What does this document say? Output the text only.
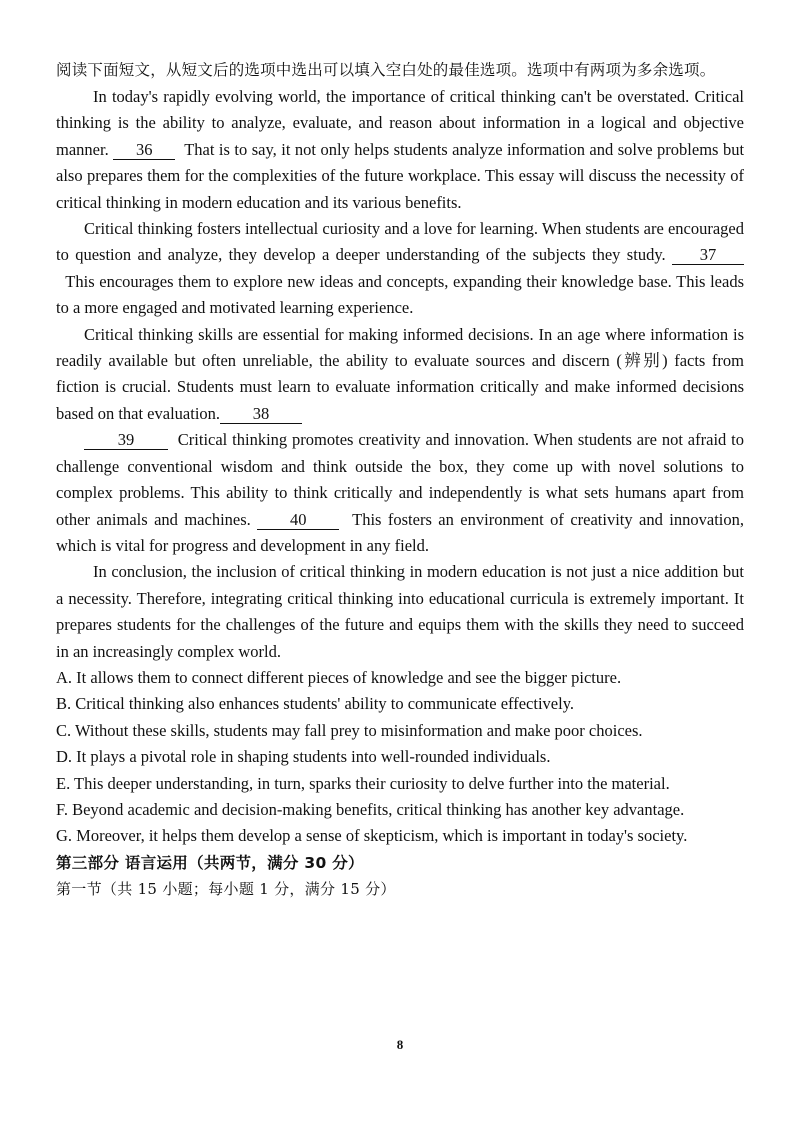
阅读下面短文，从短文后的选项中选出可以填入空白处的最佳选项。选项中有两项为多余选项。

In today's rapidly evolving world, the importance of critical thinking can't be overstated. Critical thinking is the ability to analyze, evaluate, and reason about information in a logical and objective manner. 36 That is to say, it not only helps students analyze information and solve problems but also prepares them for the complexities of the future workplace. This essay will discuss the necessity of critical thinking in modern education and its various benefits.

Critical thinking fosters intellectual curiosity and a love for learning. When students are encouraged to question and analyze, they develop a deeper understanding of the subjects they study. 37  This encourages them to explore new ideas and concepts, expanding their knowledge base. This leads to a more engaged and motivated learning experience.

Critical thinking skills are essential for making informed decisions. In an age where information is readily available but often unreliable, the ability to evaluate sources and discern (辨别) facts from fiction is crucial. Students must learn to evaluate information critically and make informed decisions based on that evaluation. 38

39	Critical thinking promotes creativity and innovation. When students are not afraid to challenge conventional wisdom and think outside the box, they come up with novel solutions to complex problems. This ability to think critically and independently is what sets humans apart from other animals and machines. 40	This fosters an environment of creativity and innovation, which is vital for progress and development in any field.

In conclusion, the inclusion of critical thinking in modern education is not just a nice addition but a necessity. Therefore, integrating critical thinking into educational curricula is extremely important. It prepares students for the challenges of the future and equips them with the skills they need to succeed in an increasingly complex world.

A. It allows them to connect different pieces of knowledge and see the bigger picture.

B. Critical thinking also enhances students' ability to communicate effectively.

C. Without these skills, students may fall prey to misinformation and make poor choices.

D. It plays a pivotal role in shaping students into well-rounded individuals.

E. This deeper understanding, in turn, sparks their curiosity to delve further into the material.

F. Beyond academic and decision-making benefits, critical thinking has another key advantage.

G. Moreover, it helps them develop a sense of skepticism, which is important in today's society.

第三部分 语言运用（共两节，满分 30 分）

第一节（共 15 小题；每小题 1 分，满分 15 分）

8
